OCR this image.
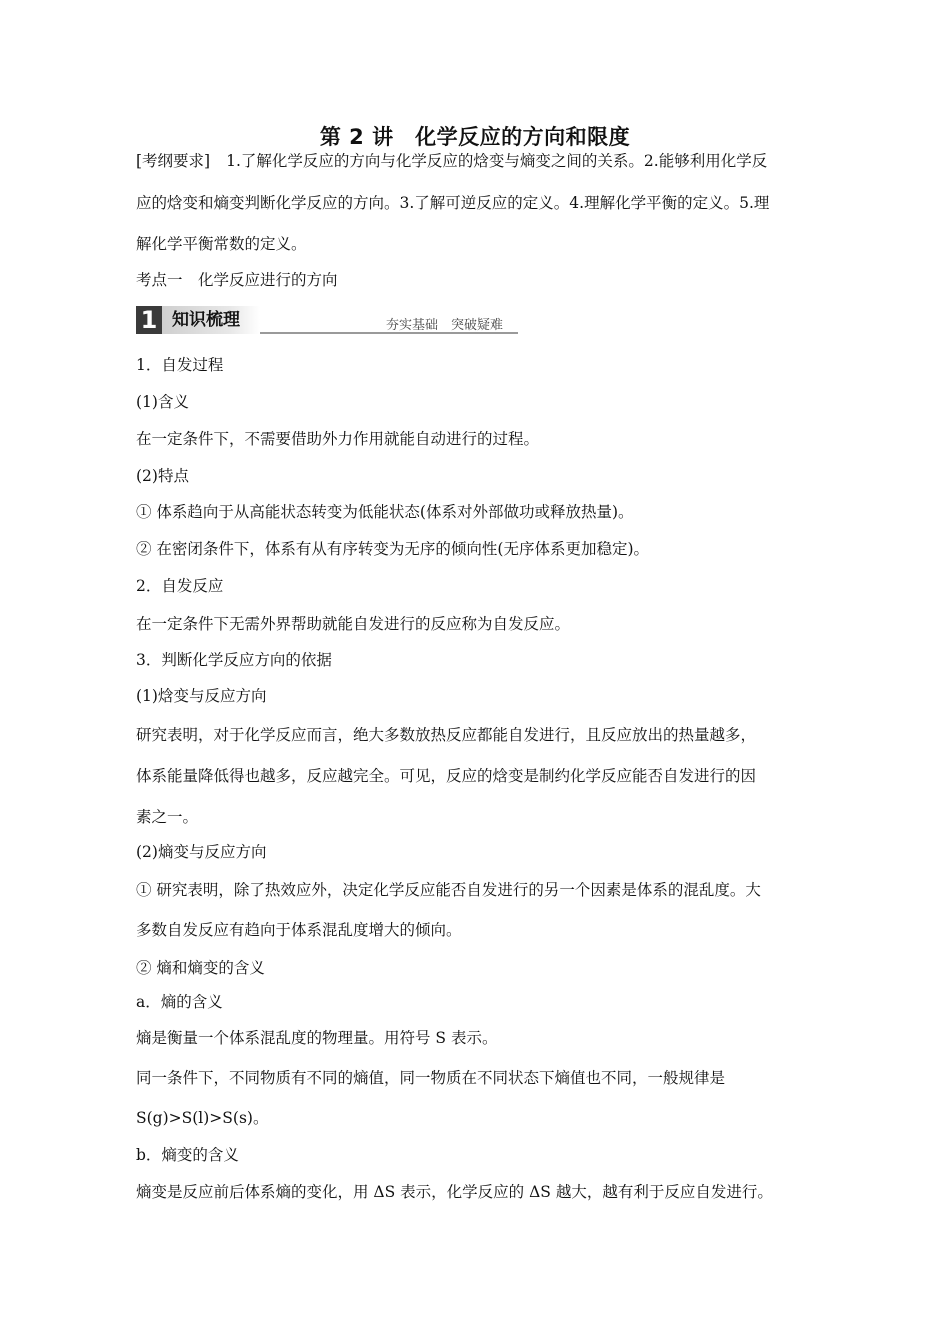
第 2 讲　化学反应的方向和限度
[考纲要求] 1.了解化学反应的方向与化学反应的焓变与熵变之间的关系。2.能够利用化学反
应的焓变和熵变判断化学反应的方向。3.了解可逆反应的定义。4.理解化学平衡的定义。5.理
解化学平衡常数的定义。
考点一　化学反应进行的方向
1 知识梳理	夯实基础　突破疑难
1．自发过程
(1)含义
在一定条件下，不需要借助外力作用就能自动进行的过程。
(2)特点
① 体系趋向于从高能状态转变为低能状态(体系对外部做功或释放热量)。
② 在密闭条件下，体系有从有序转变为无序的倾向性(无序体系更加稳定)。
2．自发反应
在一定条件下无需外界帮助就能自发进行的反应称为自发反应。
3．判断化学反应方向的依据
(1)焓变与反应方向
研究表明，对于化学反应而言，绝大多数放热反应都能自发进行，且反应放出的热量越多，
体系能量降低得也越多，反应越完全。可见，反应的焓变是制约化学反应能否自发进行的因
素之一。
(2)熵变与反应方向
① 研究表明，除了热效应外，决定化学反应能否自发进行的另一个因素是体系的混乱度。大
多数自发反应有趋向于体系混乱度增大的倾向。
② 熵和熵变的含义
a．熵的含义
熵是衡量一个体系混乱度的物理量。用符号 S 表示。
同一条件下，不同物质有不同的熵值，同一物质在不同状态下熵值也不同，一般规律是
S(g)>S(l)>S(s)。
b．熵变的含义
熵变是反应前后体系熵的变化，用 ΔS 表示，化学反应的 ΔS 越大，越有利于反应自发进行。
